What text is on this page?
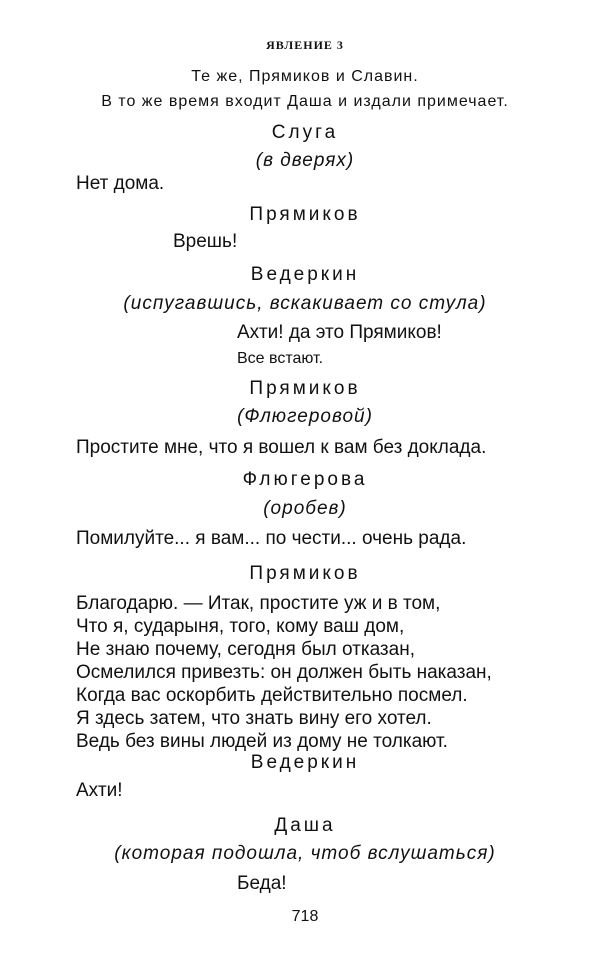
ЯВЛЕНИЕ 3
Те же, Прямиков и Славин.
В то же время входит Даша и издали примечает.
Слуга
(в дверях)
Нет дома.
Прямиков
Врешь!
Ведеркин
(испугавшись, вскакивает со стула)
Ахти! да это Прямиков!
Все встают.
Прямиков
(Флюгеровой)
Простите мне, что я вошел к вам без доклада.
Флюгерова
(оробев)
Помилуйте... я вам... по чести... очень рада.
Прямиков
Благодарю. — Итак, простите уж и в том,
Что я, сударыня, того, кому ваш дом,
Не знаю почему, сегодня был отказан,
Осмелился привезть: он должен быть наказан,
Когда вас оскорбить действительно посмел.
Я здесь затем, что знать вину его хотел.
Ведь без вины людей из дому не толкают.
Ведеркин
Ахти!
Даша
(которая подошла, чтоб вслушаться)
Беда!
718
